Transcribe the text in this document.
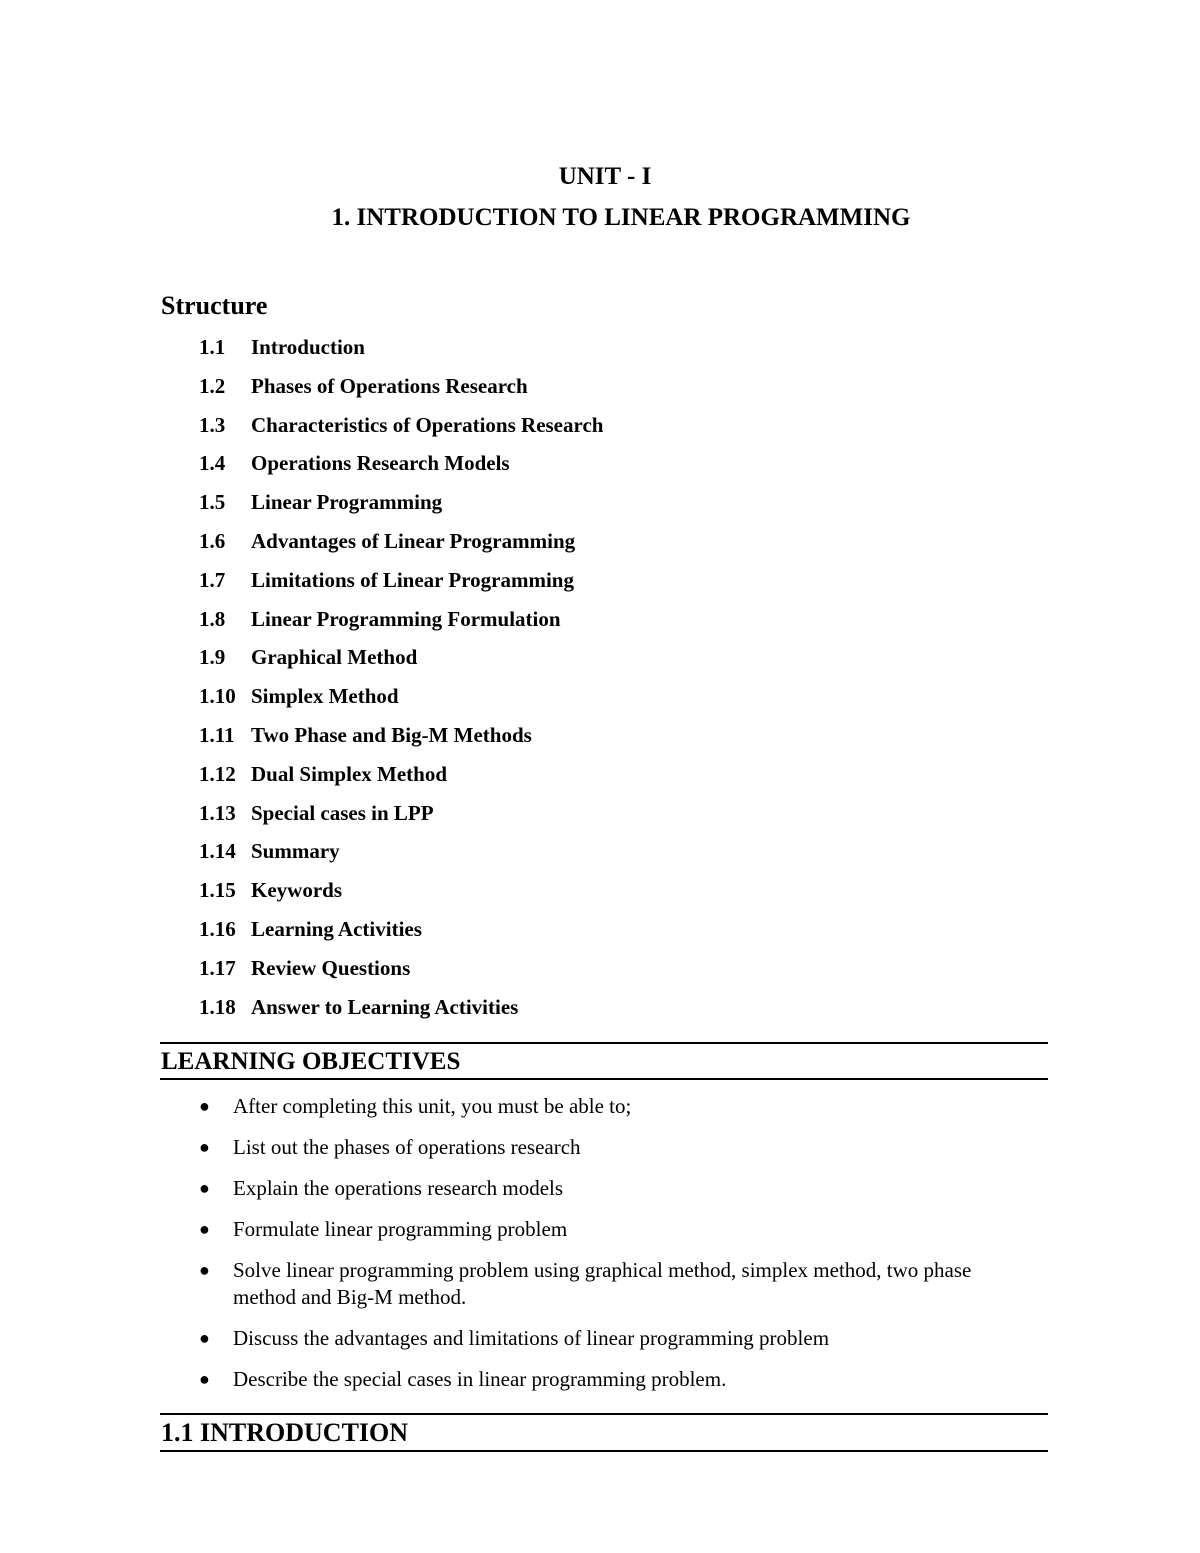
UNIT - I
1. INTRODUCTION TO LINEAR PROGRAMMING
Structure
1.1 Introduction
1.2 Phases of Operations Research
1.3 Characteristics of Operations Research
1.4 Operations Research Models
1.5 Linear Programming
1.6 Advantages of Linear Programming
1.7 Limitations of Linear Programming
1.8 Linear Programming Formulation
1.9 Graphical Method
1.10 Simplex Method
1.11 Two Phase and Big-M Methods
1.12 Dual Simplex Method
1.13 Special cases in LPP
1.14 Summary
1.15 Keywords
1.16 Learning Activities
1.17 Review Questions
1.18 Answer to Learning Activities
LEARNING OBJECTIVES
● After completing this unit, you must be able to;
● List out the phases of operations research
● Explain the operations research models
● Formulate linear programming problem
● Solve linear programming problem using graphical method, simplex method, two phase method and Big-M method.
● Discuss the advantages and limitations of linear programming problem
● Describe the special cases in linear programming problem.
1.1 INTRODUCTION
